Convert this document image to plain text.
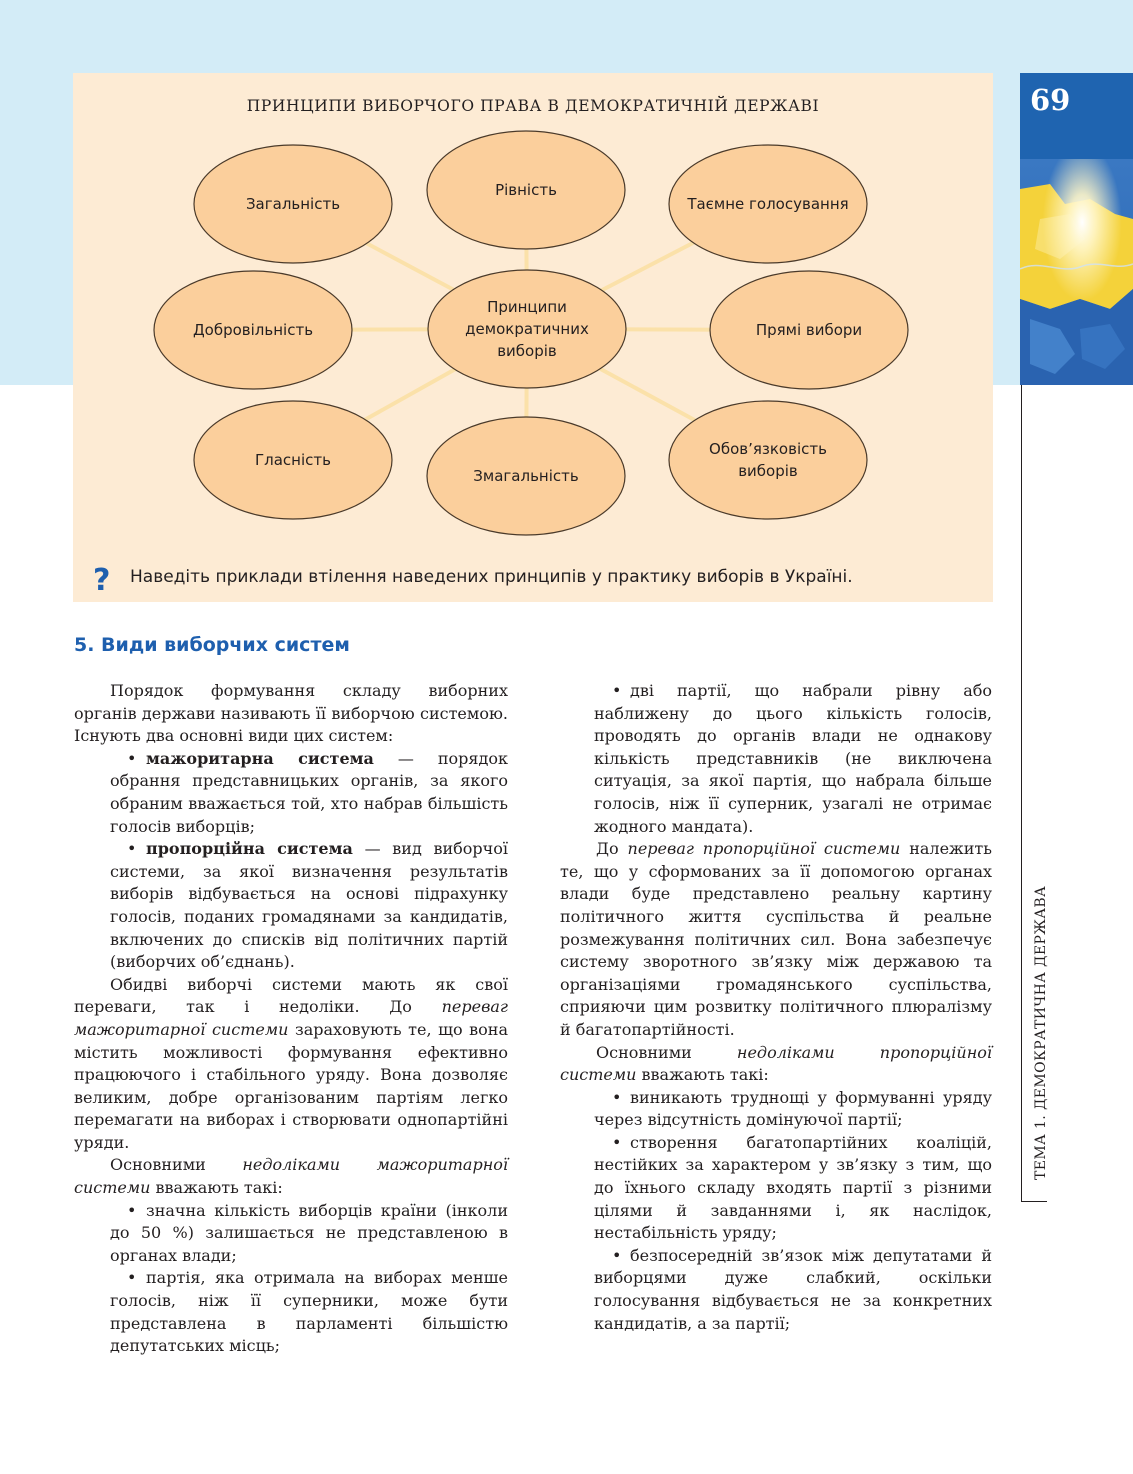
ПРИНЦИПИ ВИБОРЧОГО ПРАВА В ДЕМОКРАТИЧНІЙ ДЕРЖАВІ
Загальність
Рівність
Таємне голосування
Добровільність	Прямі вибори
Гласність
Змагальність
Обов’язковість
виборів
Принципи
демократичних
виборів
? Наведіть приклади втілення наведених принципів у практику виборів в Україні.
69
ТЕМА 1. ДЕМОКРАТИЧНА ДЕРЖАВА
5. Види виборчих систем

Порядок формування складу виборних органів держави називають її виборчою системою. Існують два основні види цих систем:

• мажоритарна система — порядок обрання представницьких органів, за якого обраним вважається той, хто набрав більшість голосів виборців;

• пропорційна система — вид виборчої системи, за якої визначення результатів виборів відбувається на основі підрахунку голосів, поданих громадянами за кандидатів, включених до списків від політичних партій (виборчих об’єднань).

Обидві виборчі системи мають як свої переваги, так і недоліки. До переваг мажоритарної системи зараховують те, що вона містить можливості формування ефективно працюючого і стабільного уряду. Вона дозволяє великим, добре організованим партіям легко перемагати на виборах і створювати однопартійні уряди.

Основними недоліками мажоритарної системи вважають такі:

• значна кількість виборців країни (інколи до 50 %) залишається не представленою в органах влади;

• партія, яка отримала на виборах менше голосів, ніж її суперники, може бути представлена в парламенті більшістю депутатських місць;

• дві партії, що набрали рівну або наближену до цього кількість голосів, проводять до органів влади не однакову кількість представників (не виключена ситуація, за якої партія, що набрала більше голосів, ніж її суперник, узагалі не отримає жодного мандата).

До переваг пропорційної системи належить те, що у сформованих за її допомогою органах влади буде представлено реальну картину політичного життя суспільства й реальне розмежування політичних сил. Вона забезпечує систему зворотного зв’язку між державою та організаціями громадянського суспільства, сприяючи цим розвитку політичного плюралізму й багатопартійності.

Основними недоліками пропорційної системи вважають такі:

• виникають труднощі у формуванні уряду через відсутність домінуючої партії;

• створення багатопартійних коаліцій, нестійких за характером у зв’язку з тим, що до їхнього складу входять партії з різними цілями й завданнями і, як наслідок, нестабільність уряду;

• безпосередній зв’язок між депутатами й виборцями дуже слабкий, оскільки голосування відбувається не за конкретних кандидатів, а за партії;
